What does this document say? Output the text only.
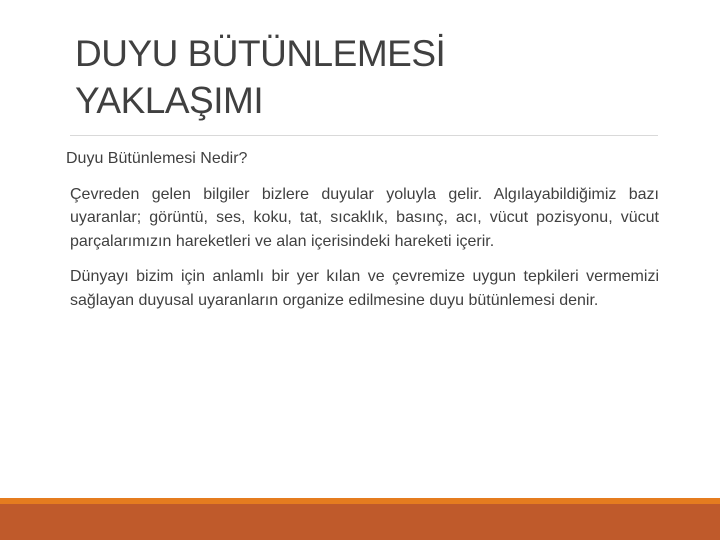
DUYU BÜTÜNLEMESİ
YAKLAŞIMI

Duyu Bütünlemesi Nedir?

Çevreden gelen bilgiler bizlere duyular yoluyla gelir. Algılayabildiğimiz bazı uyaranlar; görüntü, ses, koku, tat, sıcaklık, basınç, acı, vücut pozisyonu, vücut parçalarımızın hareketleri ve alan içerisindeki hareketi içerir.

Dünyayı bizim için anlamlı bir yer kılan ve çevremize uygun tepkileri vermemizi sağlayan duyusal uyaranların organize edilmesine duyu bütünlemesi denir.
